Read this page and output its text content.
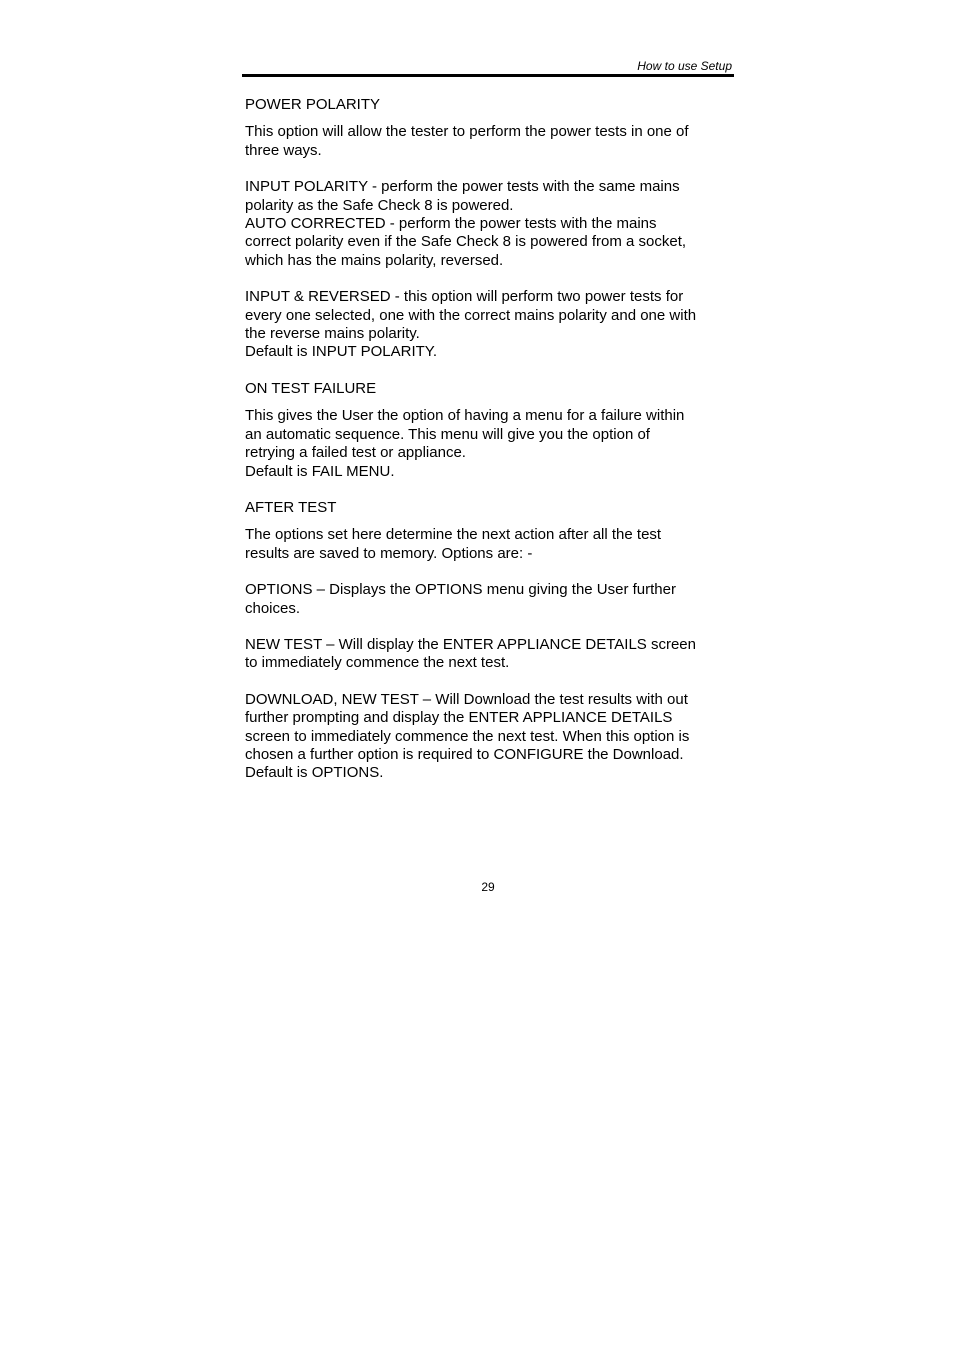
How to use Setup

POWER POLARITY

This option will allow the tester to perform the power tests in one of

three ways.

INPUT POLARITY - perform the power tests with the same mains

polarity as the Safe Check 8 is powered.

AUTO CORRECTED - perform the power tests with the mains

correct polarity even if the Safe Check 8 is powered from a socket,

which has the mains polarity, reversed.

INPUT & REVERSED - this option will perform two power tests for

every one selected, one with the correct mains polarity and one with

the reverse mains polarity.

Default is INPUT POLARITY.

ON TEST FAILURE

This gives the User the option of having a menu for a failure within

an automatic sequence. This menu will give you the option of

retrying a failed test or appliance.

Default is FAIL MENU.

AFTER TEST

The options set here determine the next action after all the test

results are saved to memory. Options are: -

OPTIONS – Displays the OPTIONS menu giving the User further

choices.

NEW TEST – Will display the ENTER APPLIANCE DETAILS screen

to immediately commence the next test.

DOWNLOAD, NEW TEST – Will Download the test results with out

further prompting and display the ENTER APPLIANCE DETAILS

screen to immediately commence the next test. When this option is

chosen a further option is required to CONFIGURE the Download.

Default is OPTIONS.

29
